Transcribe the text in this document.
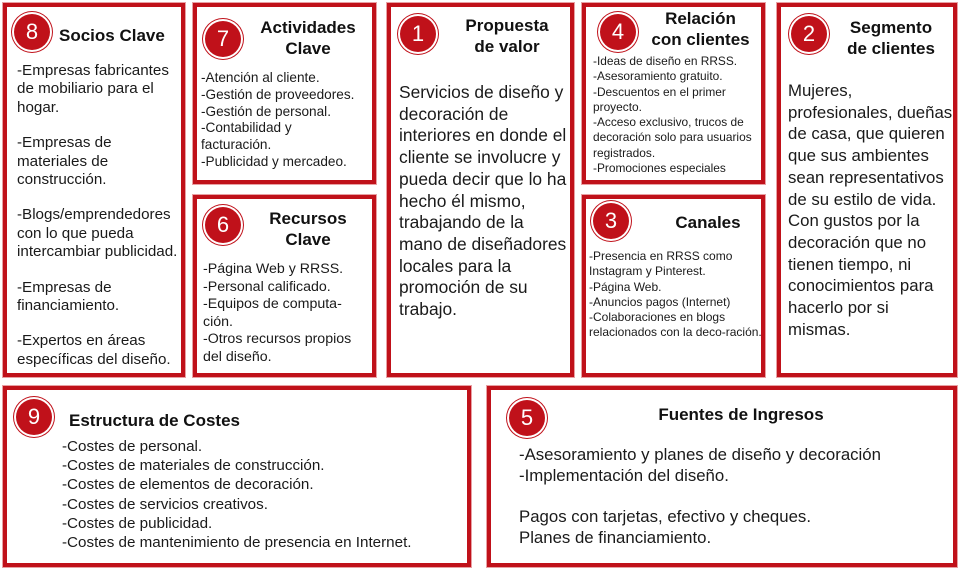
8	Socios Clave
-Empresas fabricantes de mobiliario para el hogar.
-Empresas de materiales de construcción.
-Blogs/emprendedores con lo que pueda intercambiar publicidad.
-Empresas de financiamiento.
-Expertos en áreas específicas del diseño.
7	Actividades
Clave
-Atención al cliente.
-Gestión de proveedores.
-Gestión de personal.
-Contabilidad y facturación.
-Publicidad y mercadeo.
6	Recursos
Clave
-Página Web y RRSS.
-Personal calificado.
-Equipos de computa-ción.
-Otros recursos propios del diseño.
1	Propuesta
de valor
Servicios de diseño y decoración de interiores en donde el cliente se involucre y pueda decir que lo ha hecho él mismo, trabajando de la mano de diseñadores locales para la promoción de su trabajo.
4
Relación
con clientes
-Ideas de diseño en RRSS.
-Asesoramiento gratuito.
-Descuentos en el primer proyecto.
-Acceso exclusivo, trucos de decoración solo para usuarios registrados.
-Promociones especiales
3	Canales
-Presencia en RRSS como Instagram y Pinterest.
-Página Web.
-Anuncios pagos (Internet)
-Colaboraciones en blogs relacionados con la deco-ración.
2	Segmento
de clientes
Mujeres, profesionales, dueñas de casa, que quieren que sus ambientes sean representativos de su estilo de vida. Con gustos por la decoración que no tienen tiempo, ni conocimientos para hacerlo por si mismas.
9	Estructura de Costes
-Costes de personal.
-Costes de materiales de construcción.
-Costes de elementos de decoración.
-Costes de servicios creativos.
-Costes de publicidad.
-Costes de mantenimiento de presencia en Internet.
5	Fuentes de Ingresos
-Asesoramiento y planes de diseño y decoración
-Implementación del diseño.
Pagos con tarjetas, efectivo y cheques.
Planes de financiamiento.
